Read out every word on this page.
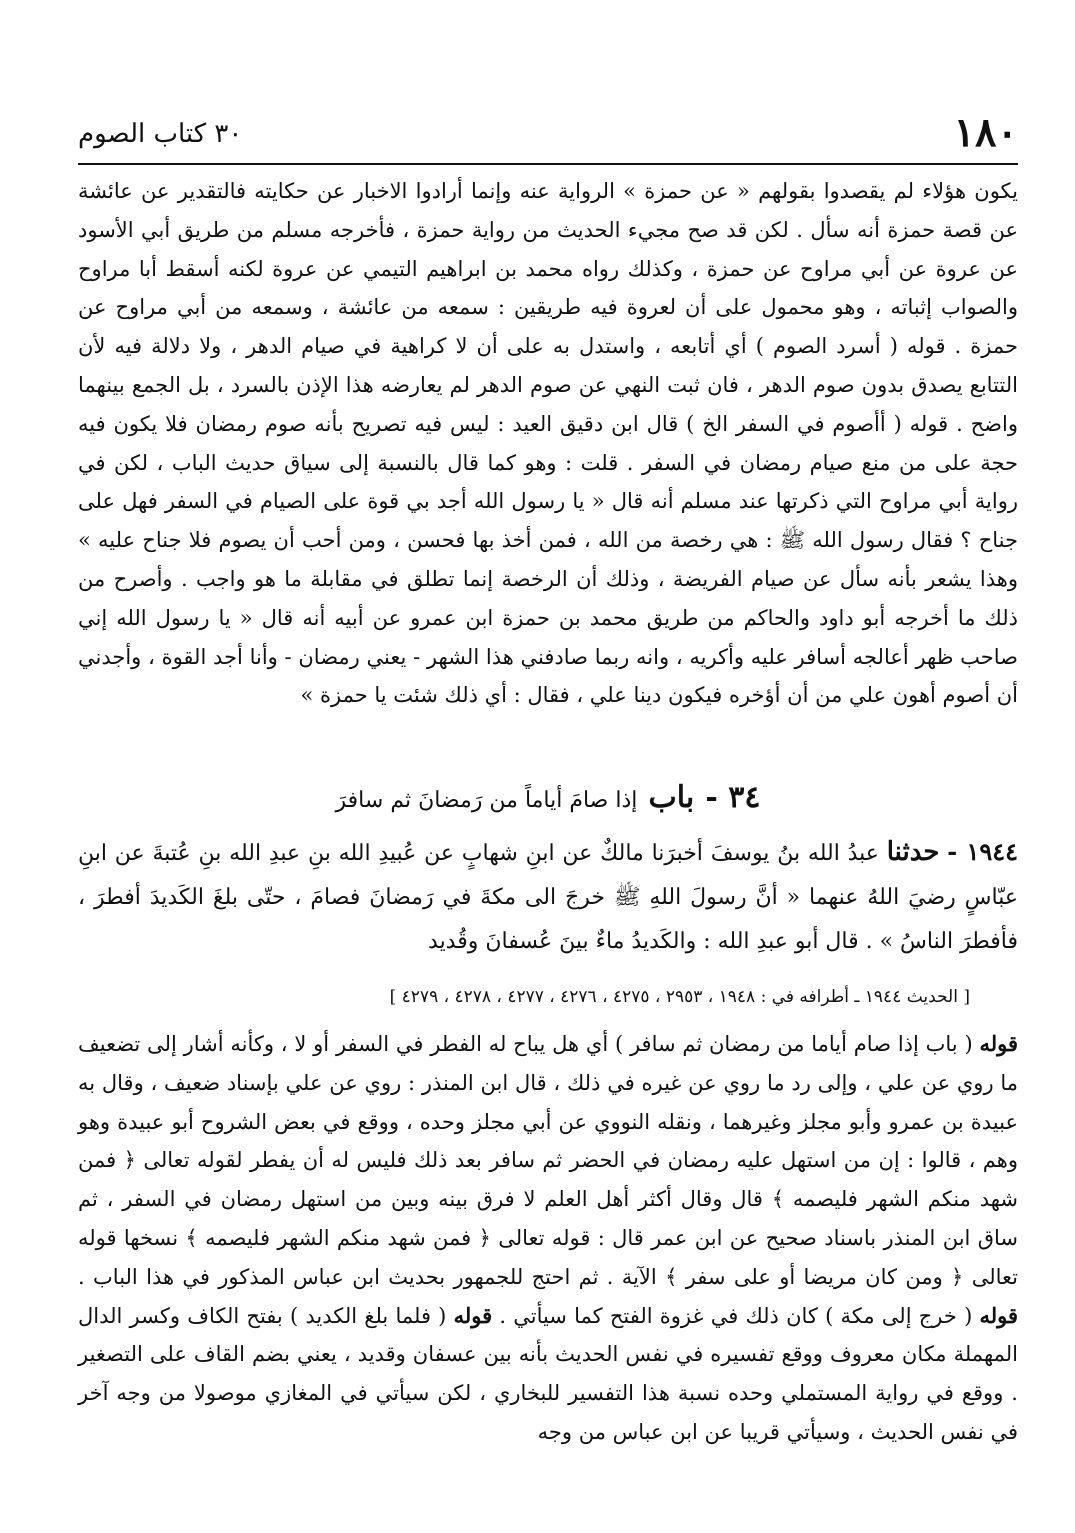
١٨٠
٣٠ كتاب الصوم
يكون هؤلاء لم يقصدوا بقولهم « عن حمزة » الرواية عنه وإنما أرادوا الاخبار عن حكايته فالتقدير عن عائشة عن قصة حمزة أنه سأل . لكن قد صح مجيء الحديث من رواية حمزة ، فأخرجه مسلم من طريق أبي الأسود عن عروة عن أبي مراوح عن حمزة ، وكذلك رواه محمد بن ابراهيم التيمي عن عروة لكنه أسقط أبا مراوح والصواب إثباته ، وهو محمول على أن لعروة فيه طريقين : سمعه من عائشة ، وسمعه من أبي مراوح عن حمزة . قوله ( أسرد الصوم ) أي أتابعه ، واستدل به على أن لا كراهية في صيام الدهر ، ولا دلالة فيه لأن التتابع يصدق بدون صوم الدهر ، فان ثبت النهي عن صوم الدهر لم يعارضه هذا الإذن بالسرد ، بل الجمع بينهما واضح . قوله ( أأصوم في السفر الخ ) قال ابن دقيق العيد : ليس فيه تصريح بأنه صوم رمضان فلا يكون فيه حجة على من منع صيام رمضان في السفر . قلت : وهو كما قال بالنسبة إلى سياق حديث الباب ، لكن في رواية أبي مراوح التي ذكرتها عند مسلم أنه قال « يا رسول الله أجد بي قوة على الصيام في السفر فهل على جناح ؟ فقال رسول الله ﷺ : هي رخصة من الله ، فمن أخذ بها فحسن ، ومن أحب أن يصوم فلا جناح عليه » وهذا يشعر بأنه سأل عن صيام الفريضة ، وذلك أن الرخصة إنما تطلق في مقابلة ما هو واجب . وأصرح من ذلك ما أخرجه أبو داود والحاكم من طريق محمد بن حمزة ابن عمرو عن أبيه أنه قال « يا رسول الله إني صاحب ظهر أعالجه أسافر عليه وأكريه ، وانه ربما صادفني هذا الشهر - يعني رمضان - وأنا أجد القوة ، وأجدني أن أصوم أهون علي من أن أؤخره فيكون دينا علي ، فقال : أي ذلك شئت يا حمزة »
٣٤ - باب إذا صامَ أياماً من رَمضانَ ثم سافرَ
١٩٤٤ - حدثنا عبدُ الله بنُ يوسفَ أخبرَنا مالكٌ عن ابنِ شهابٍ عن عُبيدِ الله بنِ عبدِ الله بنِ عُتبةَ عن ابنِ عبّاسٍ رضيَ اللهُ عنهما « أنَّ رسولَ اللهِ ﷺ خرجَ الى مكةَ في رَمضانَ فصامَ ، حتّى بلغَ الكَديدَ أفطرَ ، فأفطرَ الناسُ » . قال أبو عبدِ الله : والكَديدُ ماءٌ بينَ عُسفانَ وقُديد
[ الحديث ١٩٤٤ ـ أطرافه في : ١٩٤٨ ، ٢٩٥٣ ، ٤٢٧٥ ، ٤٢٧٦ ، ٤٢٧٧ ، ٤٢٧٨ ، ٤٢٧٩ ]
قوله ( باب إذا صام أياما من رمضان ثم سافر ) أي هل يباح له الفطر في السفر أو لا ، وكأنه أشار إلى تضعيف ما روي عن علي ، وإلى رد ما روي عن غيره في ذلك ، قال ابن المنذر : روي عن علي بإسناد ضعيف ، وقال به عبيدة بن عمرو وأبو مجلز وغيرهما ، ونقله النووي عن أبي مجلز وحده ، ووقع في بعض الشروح أبو عبيدة وهو وهم ، قالوا : إن من استهل عليه رمضان في الحضر ثم سافر بعد ذلك فليس له أن يفطر لقوله تعالى ﴿ فمن شهد منكم الشهر فليصمه ﴾ قال وقال أكثر أهل العلم لا فرق بينه وبين من استهل رمضان في السفر ، ثم ساق ابن المنذر باسناد صحيح عن ابن عمر قال : قوله تعالى ﴿ فمن شهد منكم الشهر فليصمه ﴾ نسخها قوله تعالى ﴿ ومن كان مريضا أو على سفر ﴾ الآية . ثم احتج للجمهور بحديث ابن عباس المذكور في هذا الباب . قوله ( خرج إلى مكة ) كان ذلك في غزوة الفتح كما سيأتي . قوله ( فلما بلغ الكديد ) بفتح الكاف وكسر الدال المهملة مكان معروف ووقع تفسيره في نفس الحديث بأنه بين عسفان وقديد ، يعني بضم القاف على التصغير . ووقع في رواية المستملي وحده نسبة هذا التفسير للبخاري ، لكن سيأتي في المغازي موصولا من وجه آخر في نفس الحديث ، وسيأتي قريبا عن ابن عباس من وجه
